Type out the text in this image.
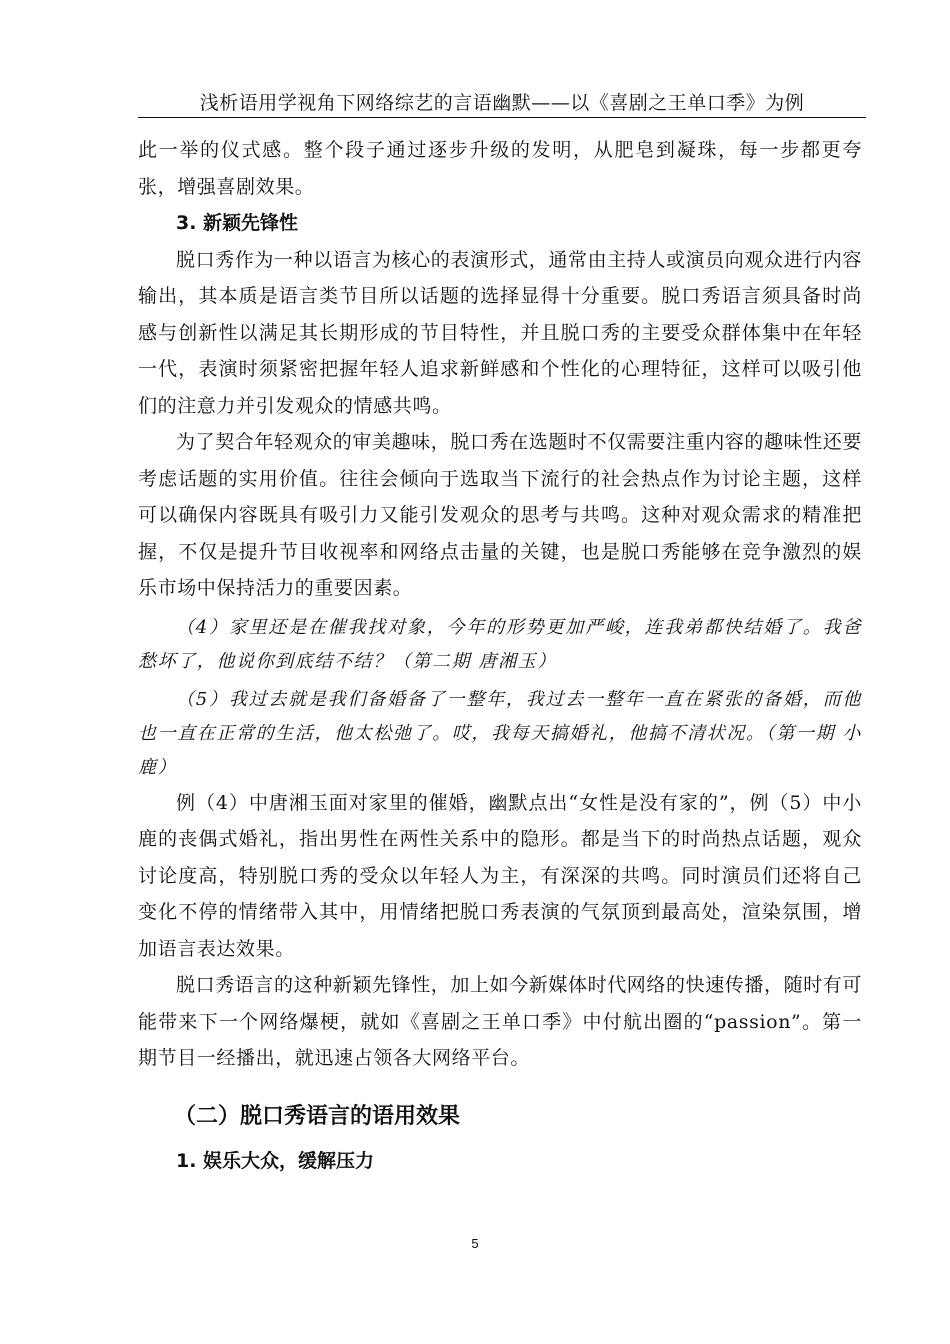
浅析语用学视角下网络综艺的言语幽默——以《喜剧之王单口季》为例

此一举的仪式感。整个段子通过逐步升级的发明，从肥皂到凝珠，每一步都更夸张，增强喜剧效果。

3. 新颖先锋性

脱口秀作为一种以语言为核心的表演形式，通常由主持人或演员向观众进行内容输出，其本质是语言类节目所以话题的选择显得十分重要。脱口秀语言须具备时尚感与创新性以满足其长期形成的节目特性，并且脱口秀的主要受众群体集中在年轻一代，表演时须紧密把握年轻人追求新鲜感和个性化的心理特征，这样可以吸引他们的注意力并引发观众的情感共鸣。

为了契合年轻观众的审美趣味，脱口秀在选题时不仅需要注重内容的趣味性还要考虑话题的实用价值。往往会倾向于选取当下流行的社会热点作为讨论主题，这样可以确保内容既具有吸引力又能引发观众的思考与共鸣。这种对观众需求的精准把握，不仅是提升节目收视率和网络点击量的关键，也是脱口秀能够在竞争激烈的娱乐市场中保持活力的重要因素。

（4）家里还是在催我找对象，今年的形势更加严峻，连我弟都快结婚了。我爸愁坏了，他说你到底结不结？（第二期 唐湘玉）

（5）我过去就是我们备婚备了一整年，我过去一整年一直在紧张的备婚，而他也一直在正常的生活，他太松弛了。哎，我每天搞婚礼，他搞不清状况。（第一期 小鹿）

例（4）中唐湘玉面对家里的催婚，幽默点出“女性是没有家的”，例（5）中小鹿的丧偶式婚礼，指出男性在两性关系中的隐形。都是当下的时尚热点话题，观众讨论度高，特别脱口秀的受众以年轻人为主，有深深的共鸣。同时演员们还将自己变化不停的情绪带入其中，用情绪把脱口秀表演的气氛顶到最高处，渲染氛围，增加语言表达效果。

脱口秀语言的这种新颖先锋性，加上如今新媒体时代网络的快速传播，随时有可能带来下一个网络爆梗，就如《喜剧之王单口季》中付航出圈的“passion”。第一期节目一经播出，就迅速占领各大网络平台。

（二）脱口秀语言的语用效果

1. 娱乐大众，缓解压力

5
